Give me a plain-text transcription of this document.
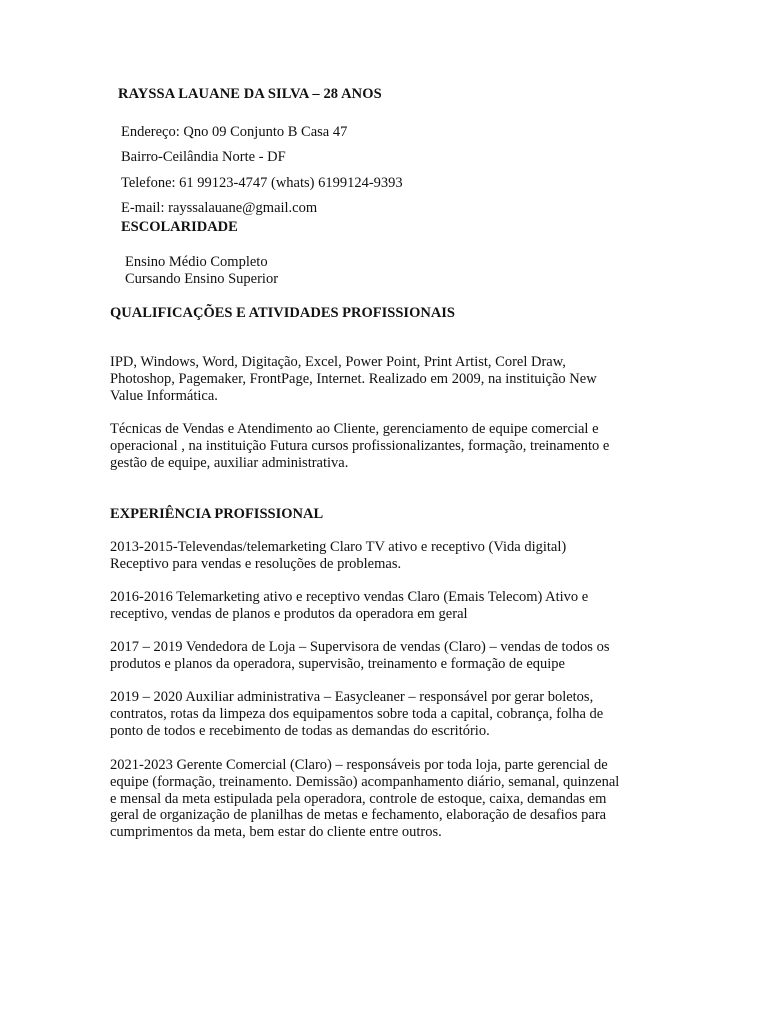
RAYSSA LAUANE DA SILVA – 28 ANOS
Endereço: Qno 09 Conjunto B Casa 47
Bairro-Ceilândia Norte - DF
Telefone: 61 99123-4747 (whats) 6199124-9393
E-mail: rayssalauane@gmail.com
ESCOLARIDADE
Ensino Médio Completo
Cursando Ensino Superior
QUALIFICAÇÕES E ATIVIDADES PROFISSIONAIS
IPD, Windows, Word, Digitação, Excel, Power Point, Print Artist, Corel Draw,
Photoshop, Pagemaker, FrontPage, Internet. Realizado em 2009, na instituição New
Value Informática.
Técnicas de Vendas e Atendimento ao Cliente, gerenciamento de equipe comercial e
operacional , na instituição Futura cursos profissionalizantes, formação, treinamento e
gestão de equipe, auxiliar administrativa.
EXPERIÊNCIA PROFISSIONAL
2013-2015-Televendas/telemarketing Claro TV ativo e receptivo (Vida digital)
Receptivo para vendas e resoluções de problemas.
2016-2016 Telemarketing ativo e receptivo vendas Claro (Emais Telecom) Ativo e
receptivo, vendas de planos e produtos da operadora em geral
2017 – 2019 Vendedora de Loja – Supervisora de vendas (Claro) – vendas de todos os
produtos e planos da operadora, supervisão, treinamento e formação de equipe
2019 – 2020 Auxiliar administrativa – Easycleaner – responsável por gerar boletos,
contratos, rotas da limpeza dos equipamentos sobre toda a capital, cobrança, folha de
ponto de todos e recebimento de todas as demandas do escritório.
2021-2023 Gerente Comercial (Claro) – responsáveis por toda loja, parte gerencial de
equipe (formação, treinamento. Demissão) acompanhamento diário, semanal, quinzenal
e mensal da meta estipulada pela operadora, controle de estoque, caixa, demandas em
geral de organização de planilhas de metas e fechamento, elaboração de desafios para
cumprimentos da meta, bem estar do cliente entre outros.
